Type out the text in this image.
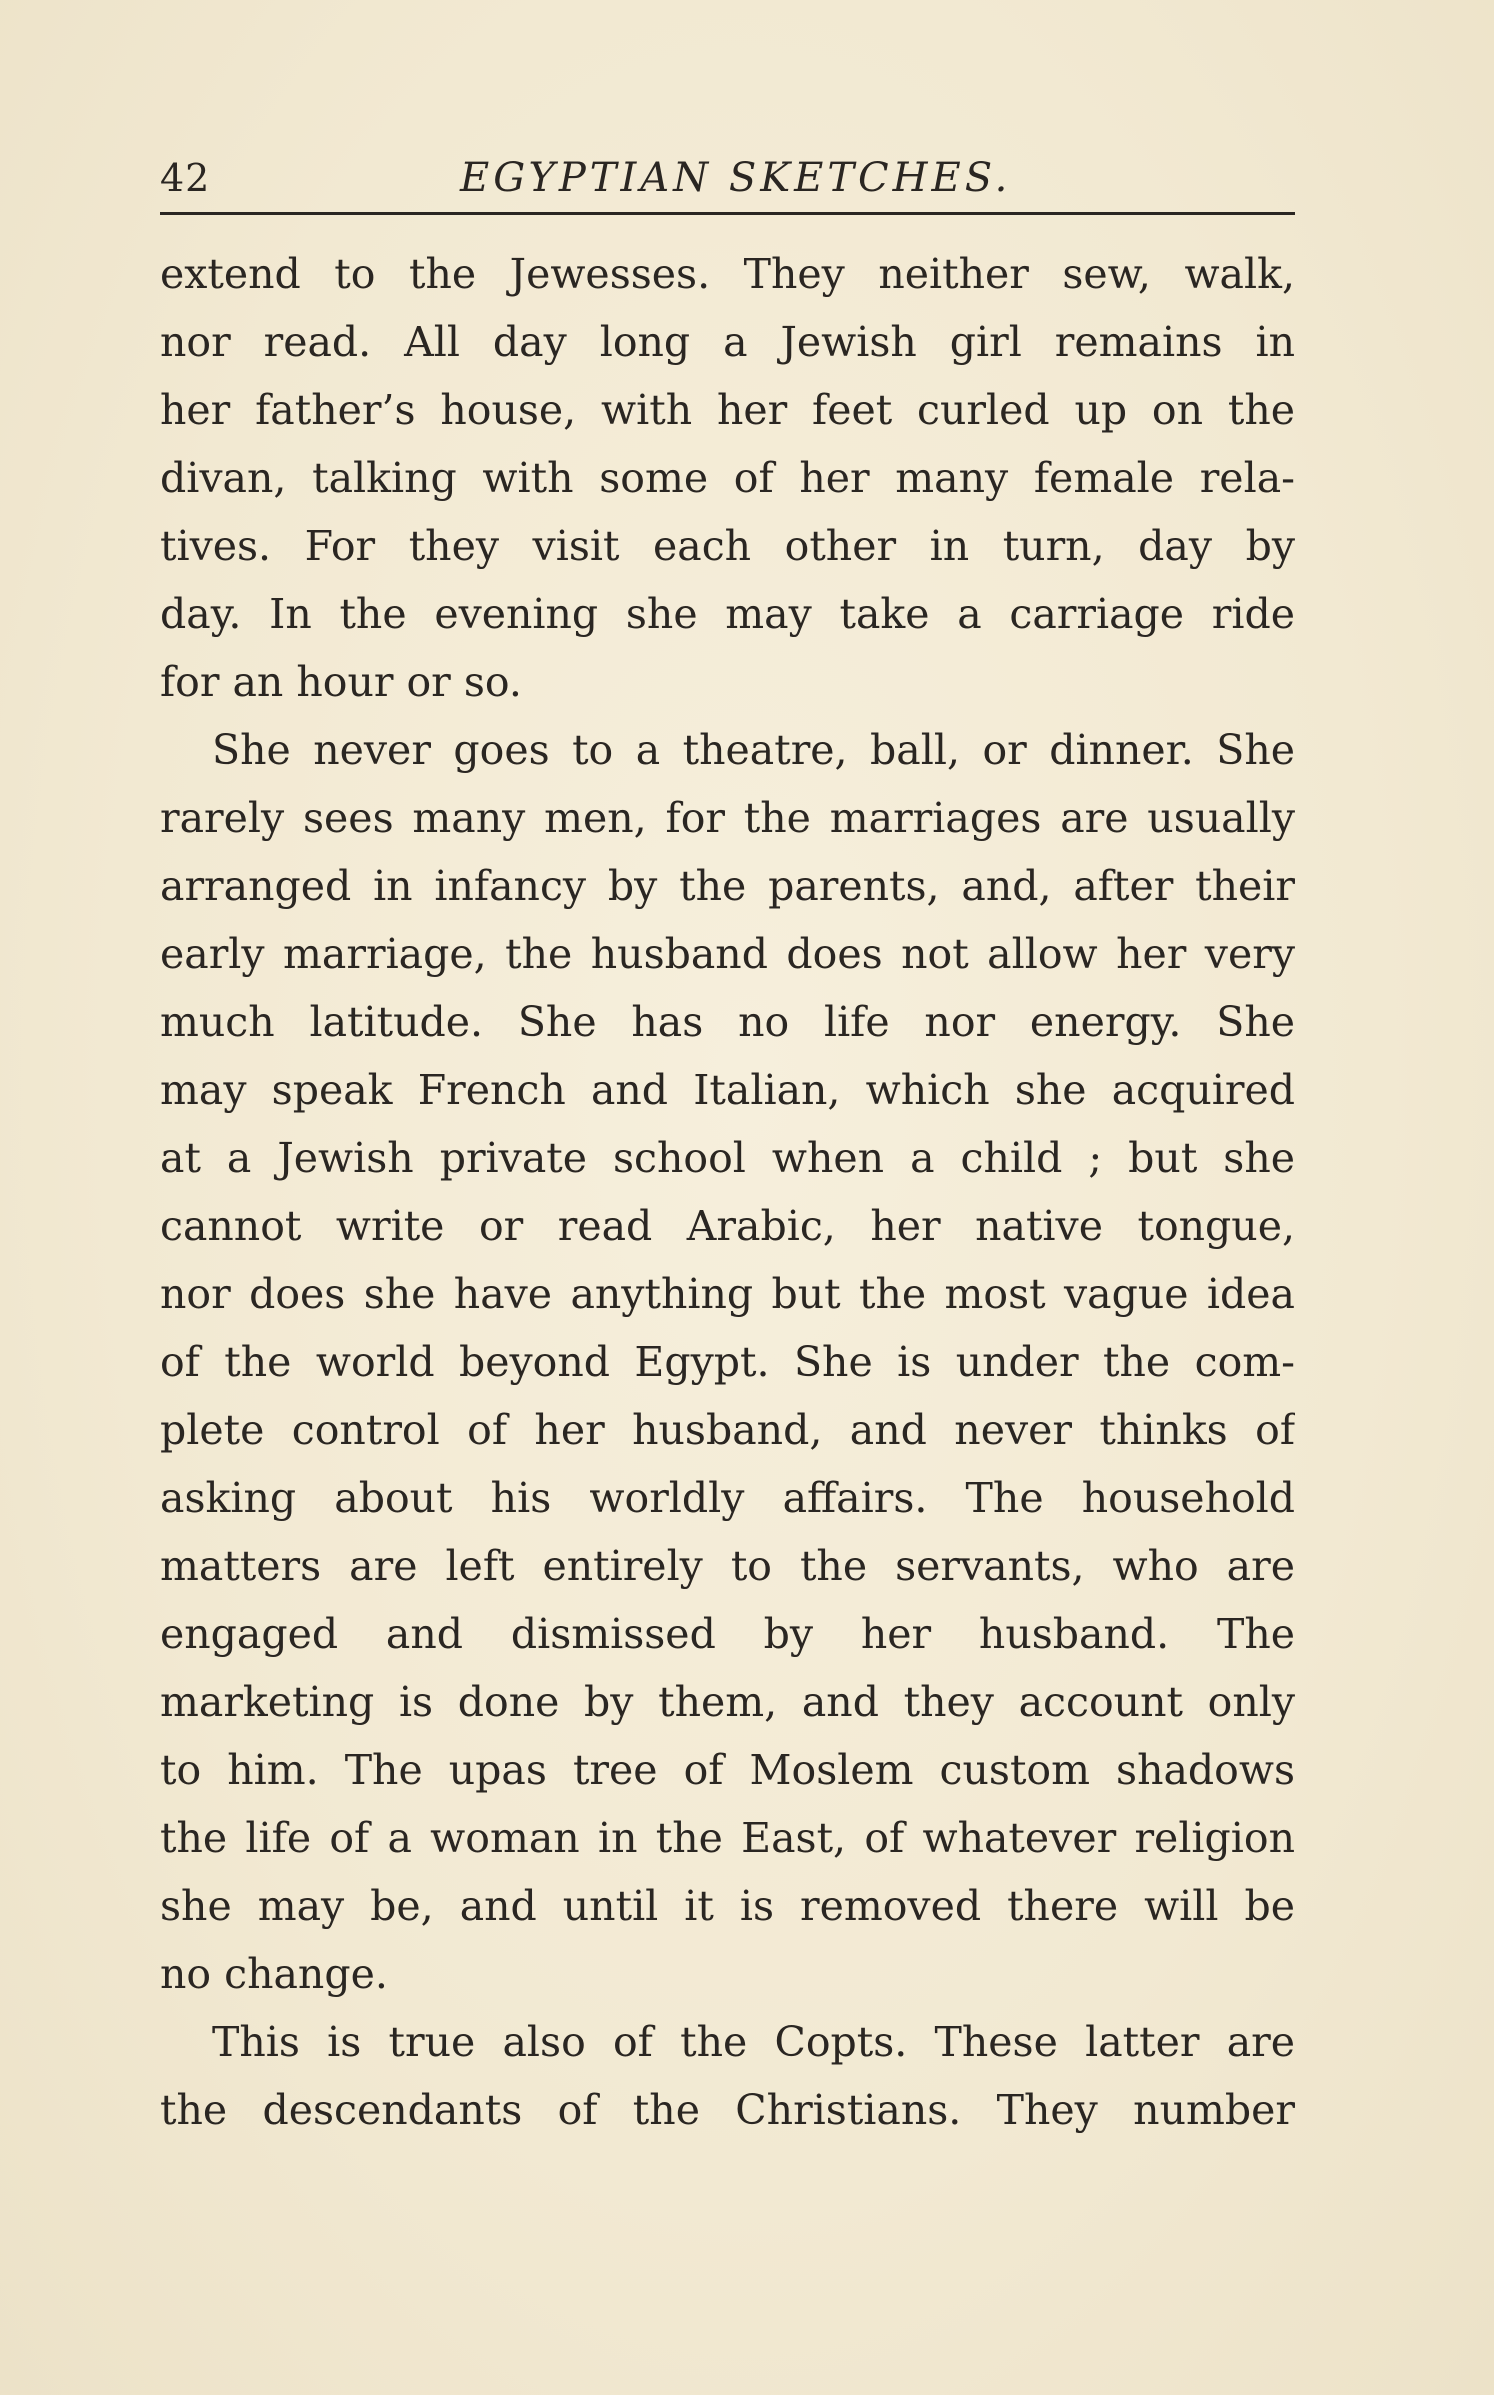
42	EGYPTIAN SKETCHES.
extend to the Jewesses. They neither sew, walk,
nor read. All day long a Jewish girl remains in
her father’s house, with her feet curled up on the
divan, talking with some of her many female rela-
tives. For they visit each other in turn, day by
day. In the evening she may take a carriage ride
for an hour or so.
She never goes to a theatre, ball, or dinner. She
rarely sees many men, for the marriages are usually
arranged in infancy by the parents, and, after their
early marriage, the husband does not allow her very
much latitude. She has no life nor energy. She
may speak French and Italian, which she acquired
at a Jewish private school when a child ; but she
cannot write or read Arabic, her native tongue,
nor does she have anything but the most vague idea
of the world beyond Egypt. She is under the com-
plete control of her husband, and never thinks of
asking about his worldly affairs. The household
matters are left entirely to the servants, who are
engaged and dismissed by her husband. The
marketing is done by them, and they account only
to him. The upas tree of Moslem custom shadows
the life of a woman in the East, of whatever religion
she may be, and until it is removed there will be
no change.
This is true also of the Copts. These latter are
the descendants of the Christians. They number
